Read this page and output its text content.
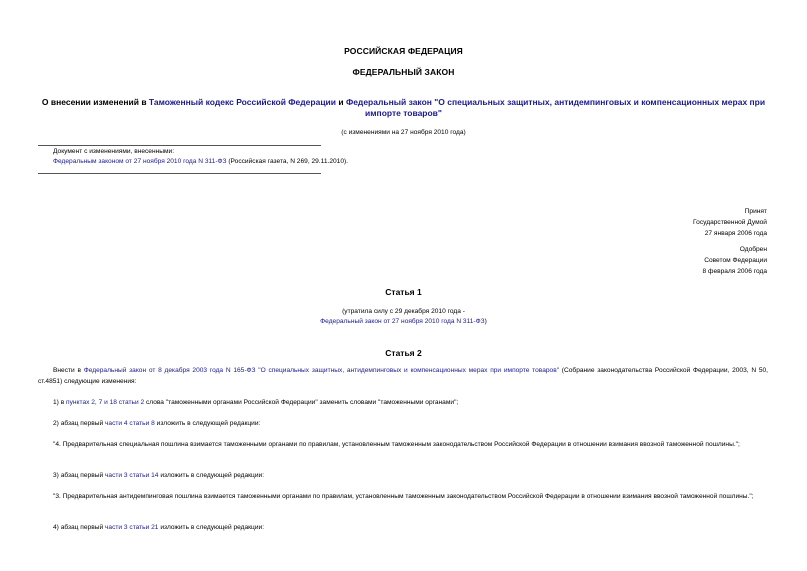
РОССИЙСКАЯ ФЕДЕРАЦИЯ
ФЕДЕРАЛЬНЫЙ ЗАКОН
О внесении изменений в Таможенный кодекс Российской Федерации и Федеральный закон "О специальных защитных, антидемпинговых и компенсационных мерах при импорте товаров"
(с изменениями на 27 ноября 2010 года)
Документ с изменениями, внесенными:
Федеральным законом от 27 ноября 2010 года N 311-ФЗ (Российская газета, N 269, 29.11.2010).
Принят
Государственной Думой
27 января 2006 года
Одобрен
Советом Федерации
8 февраля 2006 года
Статья 1
(утратила силу с 29 декабря 2010 года -
Федеральный закон от 27 ноября 2010 года N 311-ФЗ)
Статья 2
Внести в Федеральный закон от 8 декабря 2003 года N 165-ФЗ "О специальных защитных, антидемпинговых и компенсационных мерах при импорте товаров" (Собрание законодательства Российской Федерации, 2003, N 50, ст.4851) следующие изменения:
1) в пунктах 2, 7 и 18 статьи 2 слова "таможенными органами Российской Федерации" заменить словами "таможенными органами";
2) абзац первый части 4 статьи 8 изложить в следующей редакции:
"4. Предварительная специальная пошлина взимается таможенными органами по правилам, установленным таможенным законодательством Российской Федерации в отношении взимания ввозной таможенной пошлины.";
3) абзац первый части 3 статьи 14 изложить в следующей редакции:
"3. Предварительная антидемпинговая пошлина взимается таможенными органами по правилам, установленным таможенным законодательством Российской Федерации в отношении взимания ввозной таможенной пошлины.";
4) абзац первый части 3 статьи 21 изложить в следующей редакции:
